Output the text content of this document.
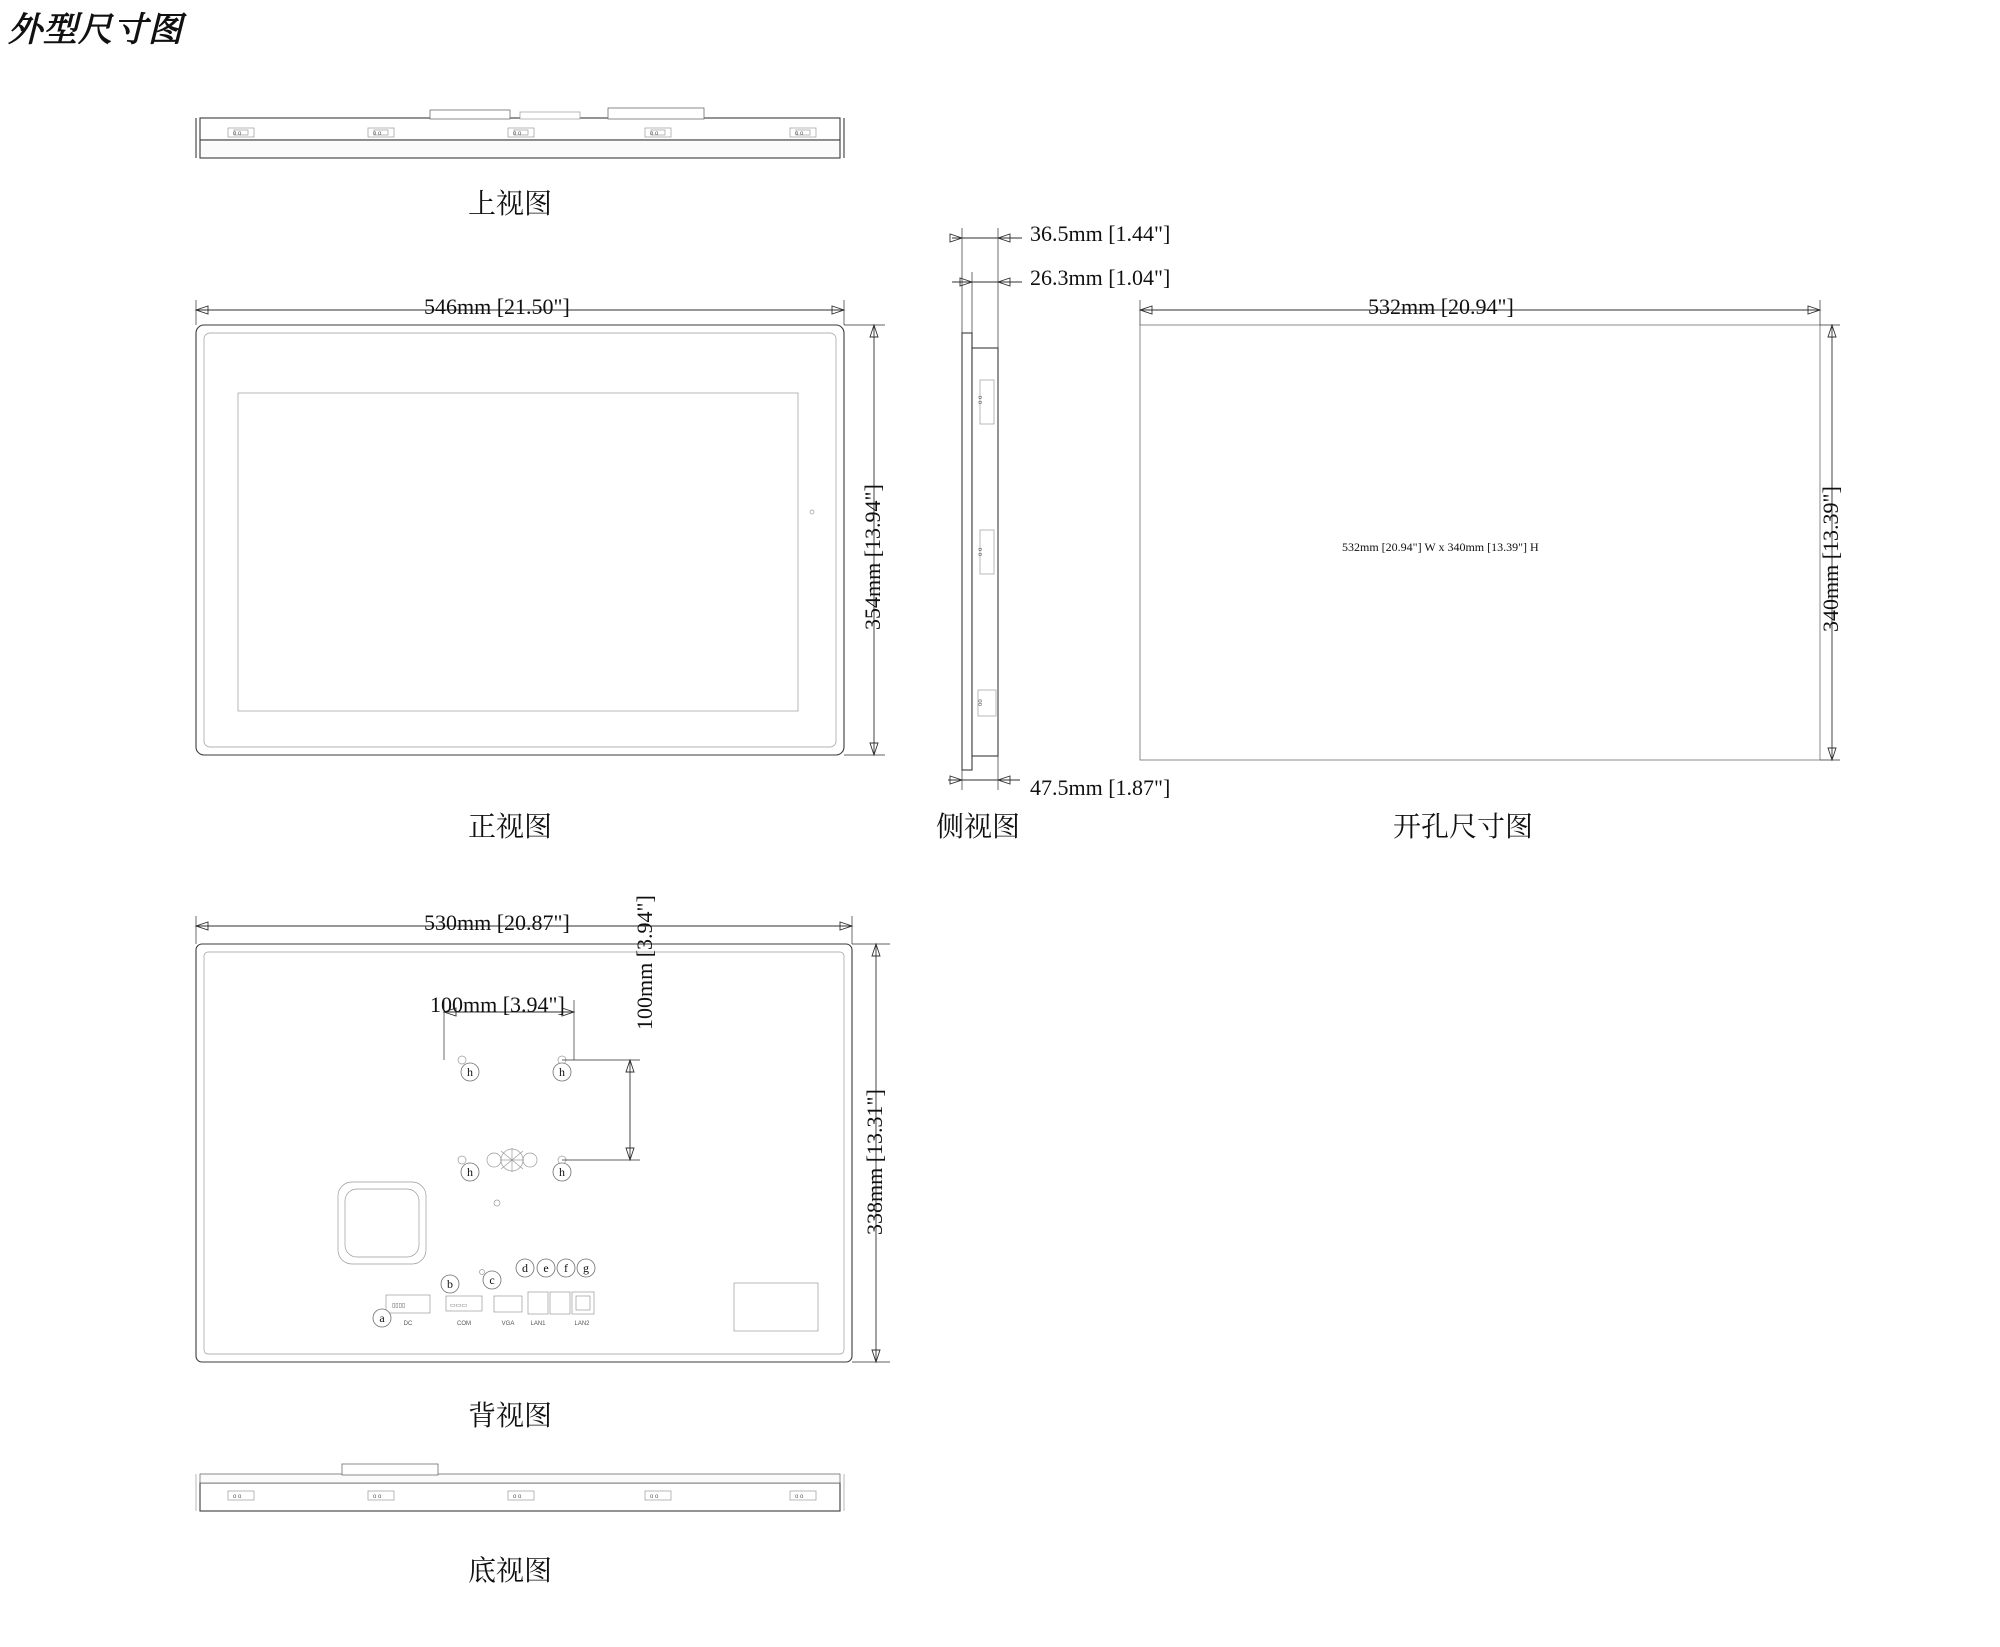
外型尺寸图
o o	o o	o o	o o	o o
o o
o o
oo
▯▯▯▯	▭▭▭
a
b	c
d e f g
h	h
h	h
DC	COM	VGA	LAN1	LAN2
o o	o o	o o	o o	o o
上视图
正视图	侧视图	开孔尺寸图
背视图
底视图
546mm [21.50"]
354mm [13.94"]
36.5mm [1.44"]
26.3mm [1.04"]
47.5mm [1.87"]
532mm [20.94"]
340mm [13.39"]
532mm [20.94"] W x 340mm [13.39"] H
530mm [20.87"]
338mm [13.31"]
100mm [3.94"]	100mm [3.94"]
